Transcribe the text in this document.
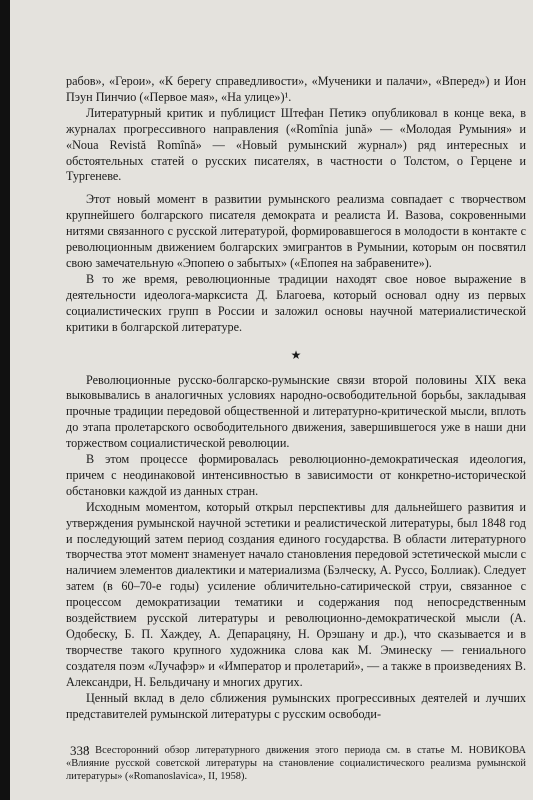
рабов», «Герои», «К берегу справедливости», «Мученики и палачи», «Вперед») и Ион Пэун Пинчио («Первое мая», «На улице»)¹.

Литературный критик и публицист Штефан Петикэ опубликовал в конце века, в журналах прогрессивного направления («Romînia jună» — «Молодая Румыния» и «Noua Revistă Romînă» — «Новый румынский журнал») ряд интересных и обстоятельных статей о русских писателях, в частности о Толстом, о Герцене и Тургеневе.

Этот новый момент в развитии румынского реализма совпадает с творчеством крупнейшего болгарского писателя демократа и реалиста И. Вазова, сокровенными нитями связанного с русской литературой, формировавшегося в молодости в контакте с революционным движением болгарских эмигрантов в Румынии, которым он посвятил свою замечательную «Эпопею о забытых» («Епопея на забравените»).

В то же время, революционные традиции находят свое новое выражение в деятельности идеолога-марксиста Д. Благоева, который основал одну из первых социалистических групп в России и заложил основы научной материалистической критики в болгарской литературе.

★

Революционные русско-болгарско-румынские связи второй половины XIX века выковывались в аналогичных условиях народно-освободительной борьбы, закладывая прочные традиции передовой общественной и литературно-критической мысли, вплоть до этапа пролетарского освободительного движения, завершившегося уже в наши дни торжеством социалистической революции.

В этом процессе формировалась революционно-демократическая идеология, причем с неодинаковой интенсивностью в зависимости от конкретно-исторической обстановки каждой из данных стран.

Исходным моментом, который открыл перспективы для дальнейшего развития и утверждения румынской научной эстетики и реалистической литературы, был 1848 год и последующий затем период создания единого государства. В области литературного творчества этот момент знаменует начало становления передовой эстетической мысли с наличием элементов диалектики и материализма (Бэлческу, А. Руссо, Боллиак). Следует затем (в 60–70-е годы) усиление обличительно-сатирической струи, связанное с процессом демократизации тематики и содержания под непосредственным воздействием русской литературы и революционно-демократической мысли (А. Одобеску, Б. П. Хаждеу, А. Депарацяну, Н. Орэшану и др.), что сказывается и в творчестве такого крупного художника слова как М. Эминеску — гениального создателя поэм «Лучафэр» и «Император и пролетарий», — а также в произведениях В. Александри, Н. Бельдичану и многих других.

Ценный вклад в дело сближения румынских прогрессивных деятелей и лучших представителей румынской литературы с русским освободи-

¹ Всесторонний обзор литературного движения этого периода см. в статье М. НОВИКОВА «Влияние русской советской литературы на становление социалистического реализма румынской литературы» («Romanoslavica», II, 1958).

338
